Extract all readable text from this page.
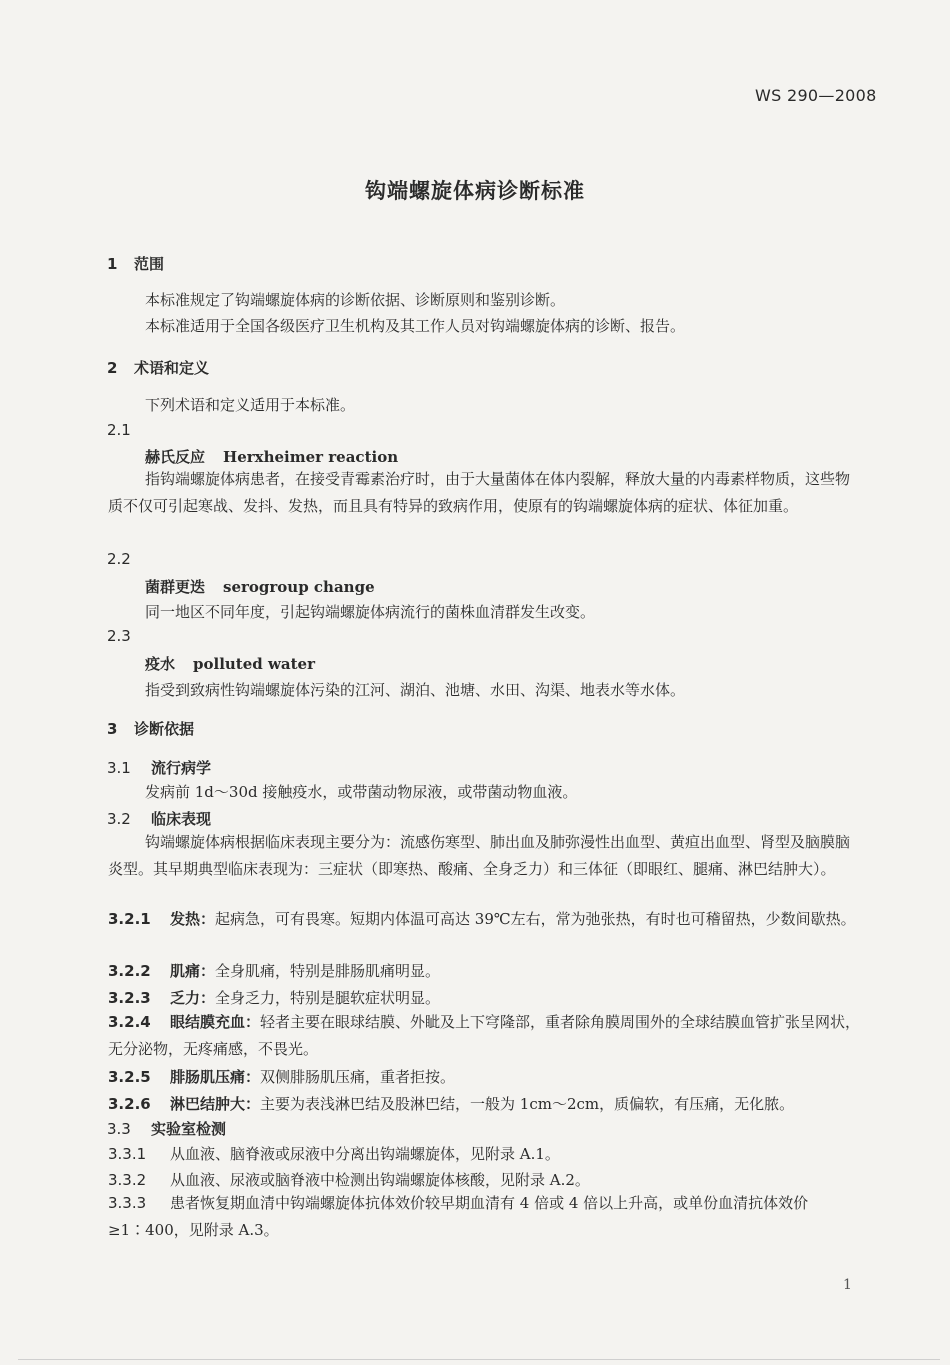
WS 290—2008
钩端螺旋体病诊断标准
1 范围
本标准规定了钩端螺旋体病的诊断依据、诊断原则和鉴别诊断。
本标准适用于全国各级医疗卫生机构及其工作人员对钩端螺旋体病的诊断、报告。
2 术语和定义
下列术语和定义适用于本标准。
2.1
赫氏反应 Herxheimer reaction
指钩端螺旋体病患者，在接受青霉素治疗时，由于大量菌体在体内裂解，释放大量的内毒素样物质，这些物质不仅可引起寒战、发抖、发热，而且具有特异的致病作用，使原有的钩端螺旋体病的症状、体征加重。
2.2
菌群更迭 serogroup change
同一地区不同年度，引起钩端螺旋体病流行的菌株血清群发生改变。
2.3
疫水 polluted water
指受到致病性钩端螺旋体污染的江河、湖泊、池塘、水田、沟渠、地表水等水体。
3 诊断依据
3.1 流行病学
发病前 1d～30d 接触疫水，或带菌动物尿液，或带菌动物血液。
3.2 临床表现
钩端螺旋体病根据临床表现主要分为：流感伤寒型、肺出血及肺弥漫性出血型、黄疸出血型、肾型及脑膜脑炎型。其早期典型临床表现为：三症状（即寒热、酸痛、全身乏力）和三体征（即眼红、腿痛、淋巴结肿大）。
3.2.1 发热：起病急，可有畏寒。短期内体温可高达 39℃左右，常为弛张热，有时也可稽留热，少数间歇热。
3.2.2 肌痛：全身肌痛，特别是腓肠肌痛明显。
3.2.3 乏力：全身乏力，特别是腿软症状明显。
3.2.4 眼结膜充血：轻者主要在眼球结膜、外眦及上下穹隆部，重者除角膜周围外的全球结膜血管扩张呈网状，无分泌物，无疼痛感，不畏光。
3.2.5 腓肠肌压痛：双侧腓肠肌压痛，重者拒按。
3.2.6 淋巴结肿大：主要为表浅淋巴结及股淋巴结，一般为 1cm～2cm，质偏软，有压痛，无化脓。
3.3 实验室检测
3.3.1 从血液、脑脊液或尿液中分离出钩端螺旋体，见附录 A.1。
3.3.2 从血液、尿液或脑脊液中检测出钩端螺旋体核酸，见附录 A.2。
3.3.3 患者恢复期血清中钩端螺旋体抗体效价较早期血清有 4 倍或 4 倍以上升高，或单份血清抗体效价≥1∶400，见附录 A.3。
1
